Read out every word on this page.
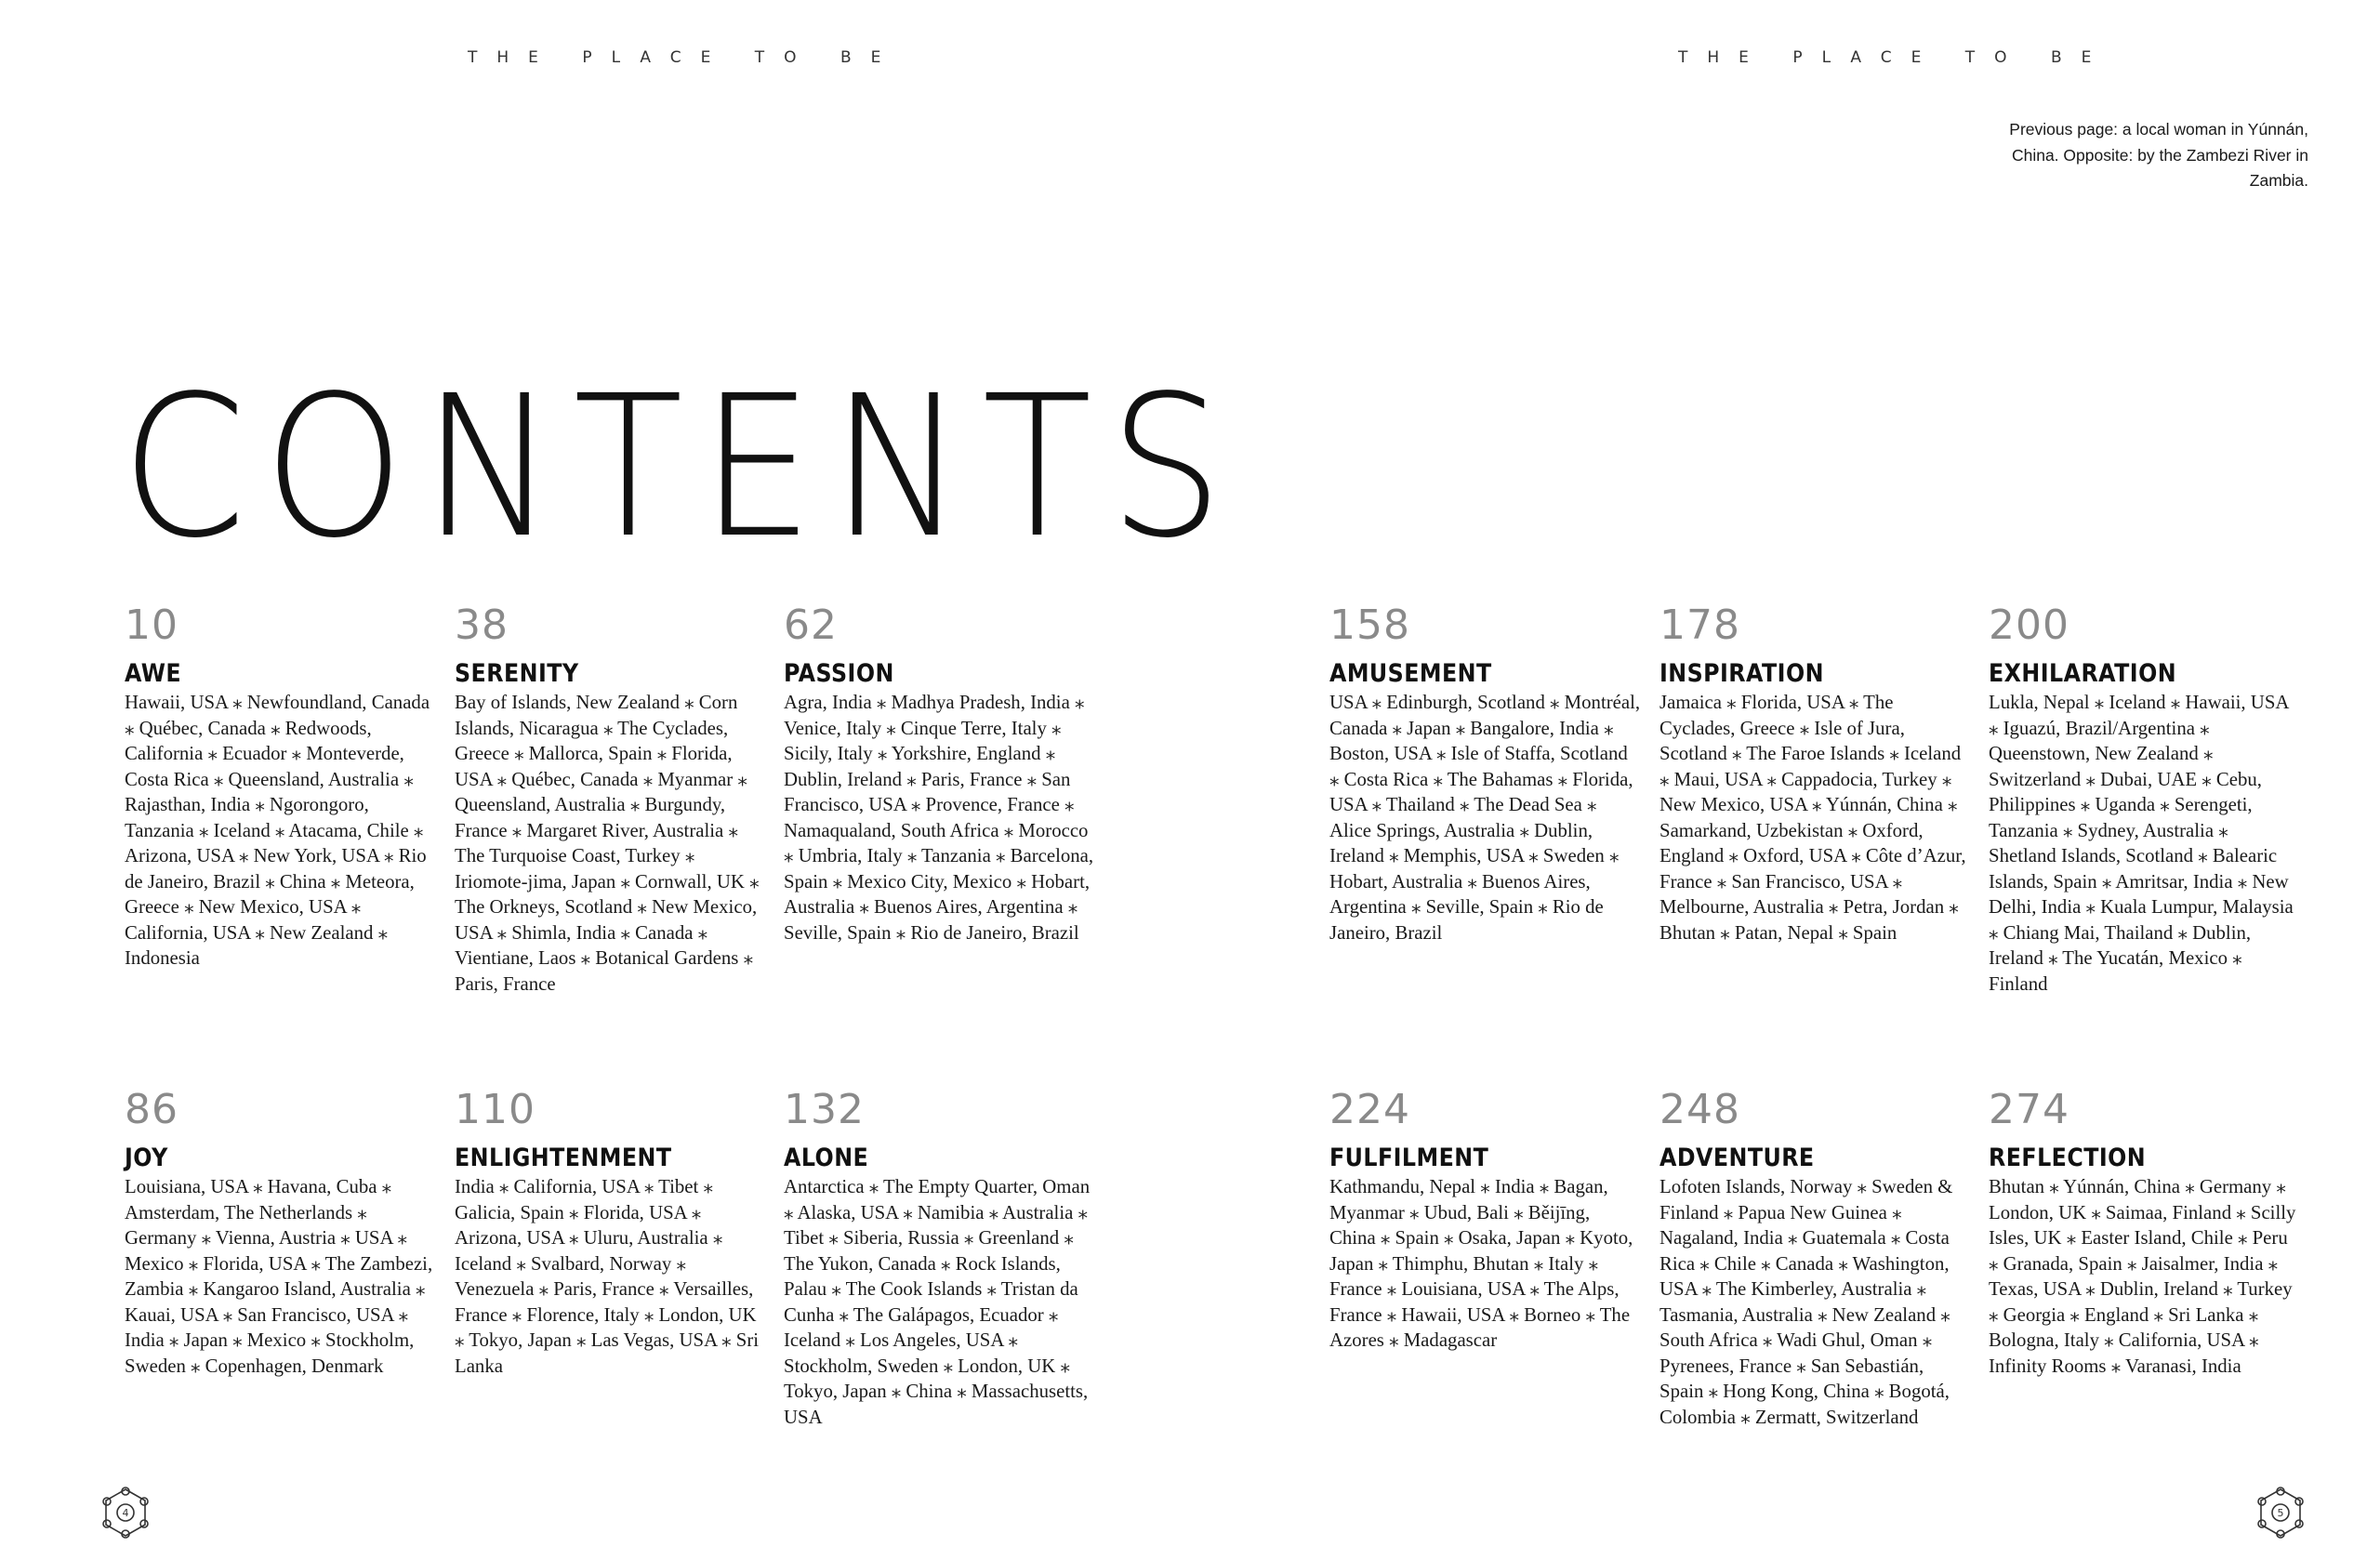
THE PLACE TO BE	THE PLACE TO BE
Previous page: a local woman in Yúnnán, China. Opposite: by the Zambezi River in Zambia.
CONTENTS
10
AWE
Hawaii, USA ⁎ Newfoundland, Canada ⁎ Québec, Canada ⁎ Redwoods, California ⁎ Ecuador ⁎ Monteverde, Costa Rica ⁎ Queensland, Australia ⁎ Rajasthan, India ⁎ Ngorongoro, Tanzania ⁎ Iceland ⁎ Atacama, Chile ⁎ Arizona, USA ⁎ New York, USA ⁎ Rio de Janeiro, Brazil ⁎ China ⁎ Meteora, Greece ⁎ New Mexico, USA ⁎ California, USA ⁎ New Zealand ⁎ Indonesia
38
SERENITY
Bay of Islands, New Zealand ⁎ Corn Islands, Nicaragua ⁎ The Cyclades, Greece ⁎ Mallorca, Spain ⁎ Florida, USA ⁎ Québec, Canada ⁎ Myanmar ⁎ Queensland, Australia ⁎ Burgundy, France ⁎ Margaret River, Australia ⁎ The Turquoise Coast, Turkey ⁎ Iriomote-jima, Japan ⁎ Cornwall, UK ⁎ The Orkneys, Scotland ⁎ New Mexico, USA ⁎ Shimla, India ⁎ Canada ⁎ Vientiane, Laos ⁎ Botanical Gardens ⁎ Paris, France
62
PASSION
Agra, India ⁎ Madhya Pradesh, India ⁎ Venice, Italy ⁎ Cinque Terre, Italy ⁎ Sicily, Italy ⁎ Yorkshire, England ⁎ Dublin, Ireland ⁎ Paris, France ⁎ San Francisco, USA ⁎ Provence, France ⁎ Namaqualand, South Africa ⁎ Morocco ⁎ Umbria, Italy ⁎ Tanzania ⁎ Barcelona, Spain ⁎ Mexico City, Mexico ⁎ Hobart, Australia ⁎ Buenos Aires, Argentina ⁎ Seville, Spain ⁎ Rio de Janeiro, Brazil
158
AMUSEMENT
USA ⁎ Edinburgh, Scotland ⁎ Montréal, Canada ⁎ Japan ⁎ Bangalore, India ⁎ Boston, USA ⁎ Isle of Staffa, Scotland ⁎ Costa Rica ⁎ The Bahamas ⁎ Florida, USA ⁎ Thailand ⁎ The Dead Sea ⁎ Alice Springs, Australia ⁎ Dublin, Ireland ⁎ Memphis, USA ⁎ Sweden ⁎ Hobart, Australia ⁎ Buenos Aires, Argentina ⁎ Seville, Spain ⁎ Rio de Janeiro, Brazil
178
INSPIRATION
Jamaica ⁎ Florida, USA ⁎ The Cyclades, Greece ⁎ Isle of Jura, Scotland ⁎ The Faroe Islands ⁎ Iceland ⁎ Maui, USA ⁎ Cappadocia, Turkey ⁎ New Mexico, USA ⁎ Yúnnán, China ⁎ Samarkand, Uzbekistan ⁎ Oxford, England ⁎ Oxford, USA ⁎ Côte d’Azur, France ⁎ San Francisco, USA ⁎ Melbourne, Australia ⁎ Petra, Jordan ⁎ Bhutan ⁎ Patan, Nepal ⁎ Spain
200
EXHILARATION
Lukla, Nepal ⁎ Iceland ⁎ Hawaii, USA ⁎ Iguazú, Brazil/Argentina ⁎ Queenstown, New Zealand ⁎ Switzerland ⁎ Dubai, UAE ⁎ Cebu, Philippines ⁎ Uganda ⁎ Serengeti, Tanzania ⁎ Sydney, Australia ⁎ Shetland Islands, Scotland ⁎ Balearic Islands, Spain ⁎ Amritsar, India ⁎ New Delhi, India ⁎ Kuala Lumpur, Malaysia ⁎ Chiang Mai, Thailand ⁎ Dublin, Ireland ⁎ The Yucatán, Mexico ⁎ Finland
86
JOY
Louisiana, USA ⁎ Havana, Cuba ⁎ Amsterdam, The Netherlands ⁎ Germany ⁎ Vienna, Austria ⁎ USA ⁎ Mexico ⁎ Florida, USA ⁎ The Zambezi, Zambia ⁎ Kangaroo Island, Australia ⁎ Kauai, USA ⁎ San Francisco, USA ⁎ India ⁎ Japan ⁎ Mexico ⁎ Stockholm, Sweden ⁎ Copenhagen, Denmark
110
ENLIGHTENMENT
India ⁎ California, USA ⁎ Tibet ⁎ Galicia, Spain ⁎ Florida, USA ⁎ Arizona, USA ⁎ Uluru, Australia ⁎ Iceland ⁎ Svalbard, Norway ⁎ Venezuela ⁎ Paris, France ⁎ Versailles, France ⁎ Florence, Italy ⁎ London, UK ⁎ Tokyo, Japan ⁎ Las Vegas, USA ⁎ Sri Lanka
132
ALONE
Antarctica ⁎ The Empty Quarter, Oman ⁎ Alaska, USA ⁎ Namibia ⁎ Australia ⁎ Tibet ⁎ Siberia, Russia ⁎ Greenland ⁎ The Yukon, Canada ⁎ Rock Islands, Palau ⁎ The Cook Islands ⁎ Tristan da Cunha ⁎ The Galápagos, Ecuador ⁎ Iceland ⁎ Los Angeles, USA ⁎ Stockholm, Sweden ⁎ London, UK ⁎ Tokyo, Japan ⁎ China ⁎ Massachusetts, USA
224
FULFILMENT
Kathmandu, Nepal ⁎ India ⁎ Bagan, Myanmar ⁎ Ubud, Bali ⁎ Běijīng, China ⁎ Spain ⁎ Osaka, Japan ⁎ Kyoto, Japan ⁎ Thimphu, Bhutan ⁎ Italy ⁎ France ⁎ Louisiana, USA ⁎ The Alps, France ⁎ Hawaii, USA ⁎ Borneo ⁎ The Azores ⁎ Madagascar
248
ADVENTURE
Lofoten Islands, Norway ⁎ Sweden & Finland ⁎ Papua New Guinea ⁎ Nagaland, India ⁎ Guatemala ⁎ Costa Rica ⁎ Chile ⁎ Canada ⁎ Washington, USA ⁎ The Kimberley, Australia ⁎ Tasmania, Australia ⁎ New Zealand ⁎ South Africa ⁎ Wadi Ghul, Oman ⁎ Pyrenees, France ⁎ San Sebastián, Spain ⁎ Hong Kong, China ⁎ Bogotá, Colombia ⁎ Zermatt, Switzerland
274
REFLECTION
Bhutan ⁎ Yúnnán, China ⁎ Germany ⁎ London, UK ⁎ Saimaa, Finland ⁎ Scilly Isles, UK ⁎ Easter Island, Chile ⁎ Peru ⁎ Granada, Spain ⁎ Jaisalmer, India ⁎ Texas, USA ⁎ Dublin, Ireland ⁎ Turkey ⁎ Georgia ⁎ England ⁎ Sri Lanka ⁎ Bologna, Italy ⁎ California, USA ⁎ Infinity Rooms ⁎ Varanasi, India
4	5
